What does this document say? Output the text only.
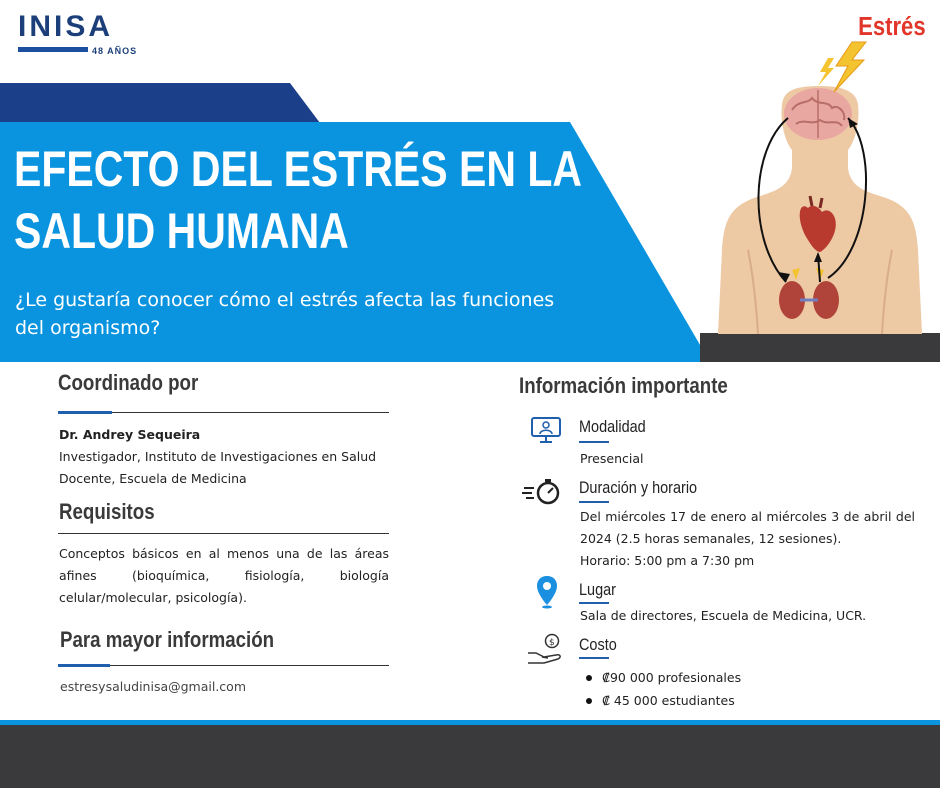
INISA
48 AÑOS
EFECTO DEL ESTRÉS EN LA
SALUD HUMANA
¿Le gustaría conocer cómo el estrés afecta las funciones
del organismo?
Estrés
Coordinado por
Dr. Andrey Sequeira
Investigador, Instituto de Investigaciones en Salud Docente, Escuela de Medicina
Requisitos
Conceptos básicos en al menos una de las áreas afines (bioquímica, fisiología, biología celular/molecular, psicología).
Para mayor información
estresysaludinisa@gmail.com
Información importante
Modalidad
Presencial
Duración y horario
Del miércoles 17 de enero al miércoles 3 de abril del 2024 (2.5 horas semanales, 12 sesiones).
Horario: 5:00 pm a 7:30 pm
Lugar
Sala de directores, Escuela de Medicina, UCR.
$ Costo
₡90 000 profesionales
₡ 45 000 estudiantes
